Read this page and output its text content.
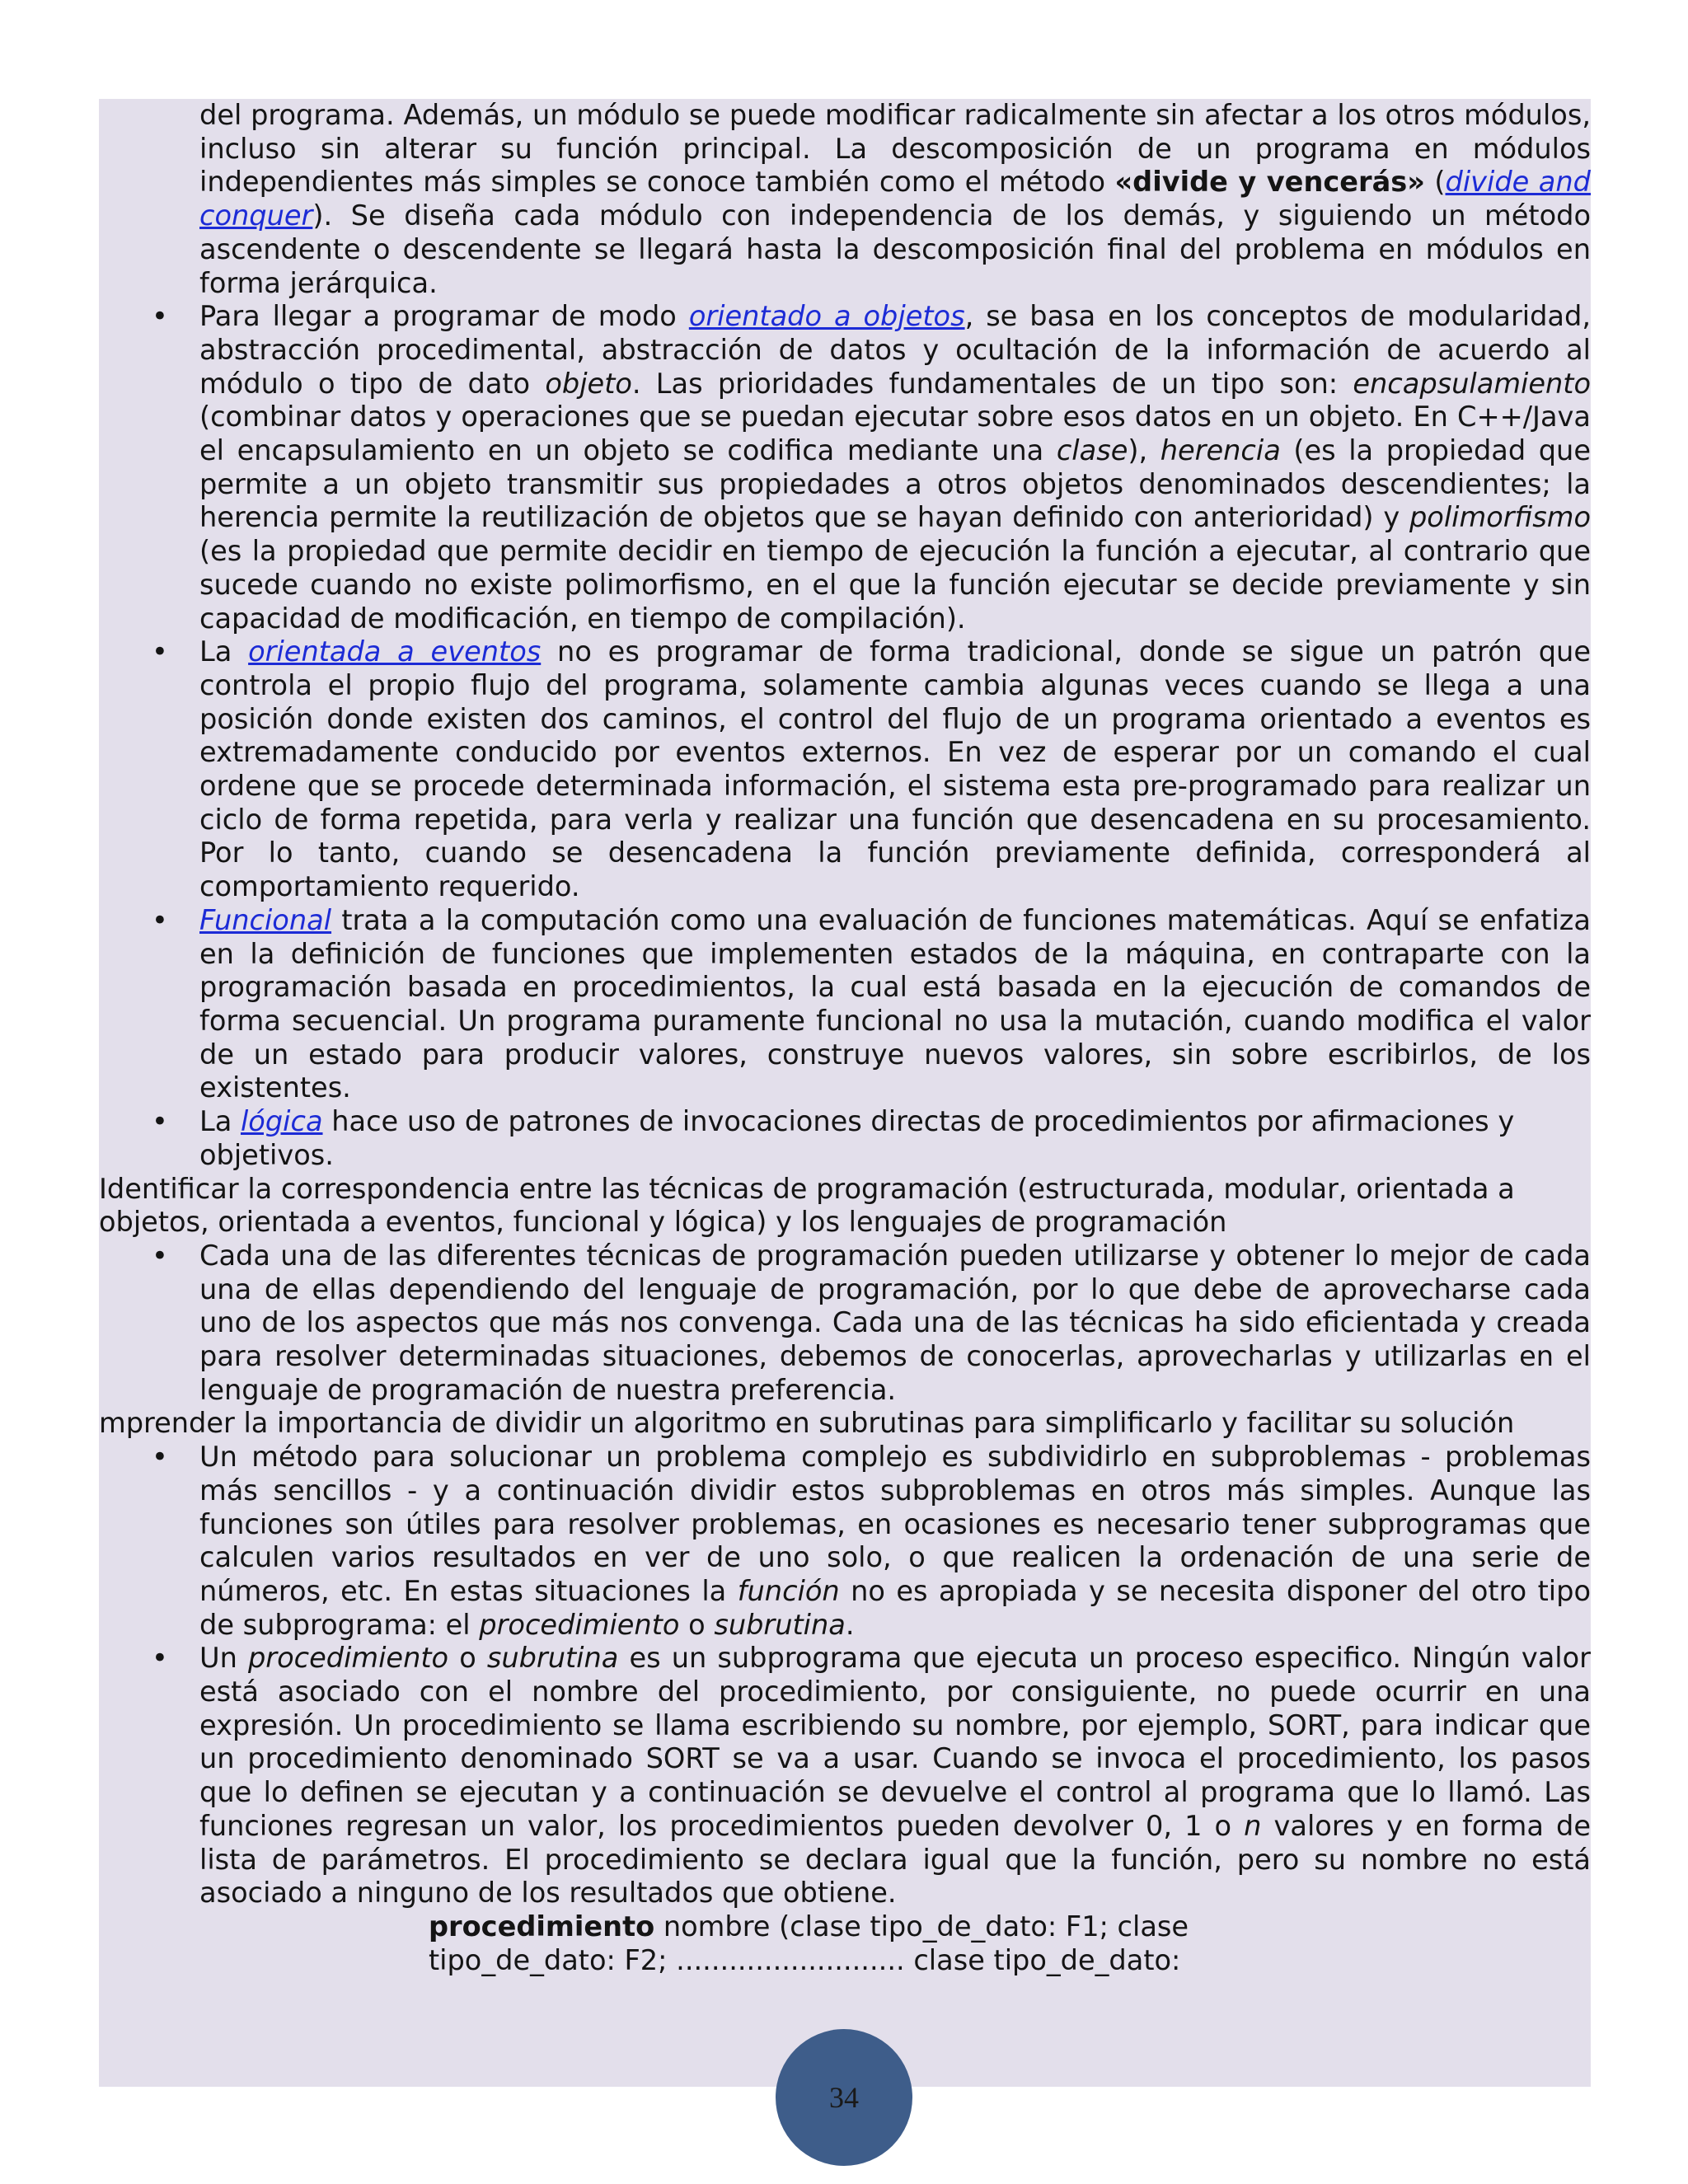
del programa. Además, un módulo se puede modificar radicalmente sin afectar a los otros módulos, incluso sin alterar su función principal. La descomposición de un programa en módulos independientes más simples se conoce también como el método «divide y vencerás» (divide and conquer). Se diseña cada módulo con independencia de los demás, y siguiendo un método ascendente o descendente se llegará hasta la descomposición final del problema en módulos en forma jerárquica.

• Para llegar a programar de modo orientado a objetos, se basa en los conceptos de modularidad, abstracción procedimental, abstracción de datos y ocultación de la información de acuerdo al módulo o tipo de dato objeto. Las prioridades fundamentales de un tipo son: encapsulamiento (combinar datos y operaciones que se puedan ejecutar sobre esos datos en un objeto. En C++/Java el encapsulamiento en un objeto se codifica mediante una clase), herencia (es la propiedad que permite a un objeto transmitir sus propiedades a otros objetos denominados descendientes; la herencia permite la reutilización de objetos que se hayan definido con anterioridad) y polimorfismo (es la propiedad que permite decidir en tiempo de ejecución la función a ejecutar, al contrario que sucede cuando no existe polimorfismo, en el que la función ejecutar se decide previamente y sin capacidad de modificación, en tiempo de compilación).

• La orientada a eventos no es programar de forma tradicional, donde se sigue un patrón que controla el propio flujo del programa, solamente cambia algunas veces cuando se llega a una posición donde existen dos caminos, el control del flujo de un programa orientado a eventos es extremadamente conducido por eventos externos. En vez de esperar por un comando el cual ordene que se procede determinada información, el sistema esta pre-programado para realizar un ciclo de forma repetida, para verla y realizar una función que desencadena en su procesamiento. Por lo tanto, cuando se desencadena la función previamente definida, corresponderá al comportamiento requerido.

• Funcional trata a la computación como una evaluación de funciones matemáticas. Aquí se enfatiza en la definición de funciones que implementen estados de la máquina, en contraparte con la programación basada en procedimientos, la cual está basada en la ejecución de comandos de forma secuencial. Un programa puramente funcional no usa la mutación, cuando modifica el valor de un estado para producir valores, construye nuevos valores, sin sobre escribirlos, de los existentes.

• La lógica hace uso de patrones de invocaciones directas de procedimientos por afirmaciones y objetivos.

Identificar la correspondencia entre las técnicas de programación (estructurada, modular, orientada a objetos, orientada a eventos, funcional y lógica) y los lenguajes de programación

• Cada una de las diferentes técnicas de programación pueden utilizarse y obtener lo mejor de cada una de ellas dependiendo del lenguaje de programación, por lo que debe de aprovecharse cada uno de los aspectos que más nos convenga. Cada una de las técnicas ha sido eficientada y creada para resolver determinadas situaciones, debemos de conocerlas, aprovecharlas y utilizarlas en el lenguaje de programación de nuestra preferencia.

mprender la importancia de dividir un algoritmo en subrutinas para simplificarlo y facilitar su solución

• Un método para solucionar un problema complejo es subdividirlo en subproblemas - problemas más sencillos - y a continuación dividir estos subproblemas en otros más simples. Aunque las funciones son útiles para resolver problemas, en ocasiones es necesario tener subprogramas que calculen varios resultados en ver de uno solo, o que realicen la ordenación de una serie de números, etc. En estas situaciones la función no es apropiada y se necesita disponer del otro tipo de subprograma: el procedimiento o subrutina.

• Un procedimiento o subrutina es un subprograma que ejecuta un proceso especifico. Ningún valor está asociado con el nombre del procedimiento, por consiguiente, no puede ocurrir en una expresión. Un procedimiento se llama escribiendo su nombre, por ejemplo, SORT, para indicar que un procedimiento denominado SORT se va a usar. Cuando se invoca el procedimiento, los pasos que lo definen se ejecutan y a continuación se devuelve el control al programa que lo llamó. Las funciones regresan un valor, los procedimientos pueden devolver 0, 1 o n valores y en forma de lista de parámetros. El procedimiento se declara igual que la función, pero su nombre no está asociado a ninguno de los resultados que obtiene.

procedimiento nombre (clase tipo_de_dato: F1; clase
tipo_de_dato: F2; .......................... clase tipo_de_dato:

34
